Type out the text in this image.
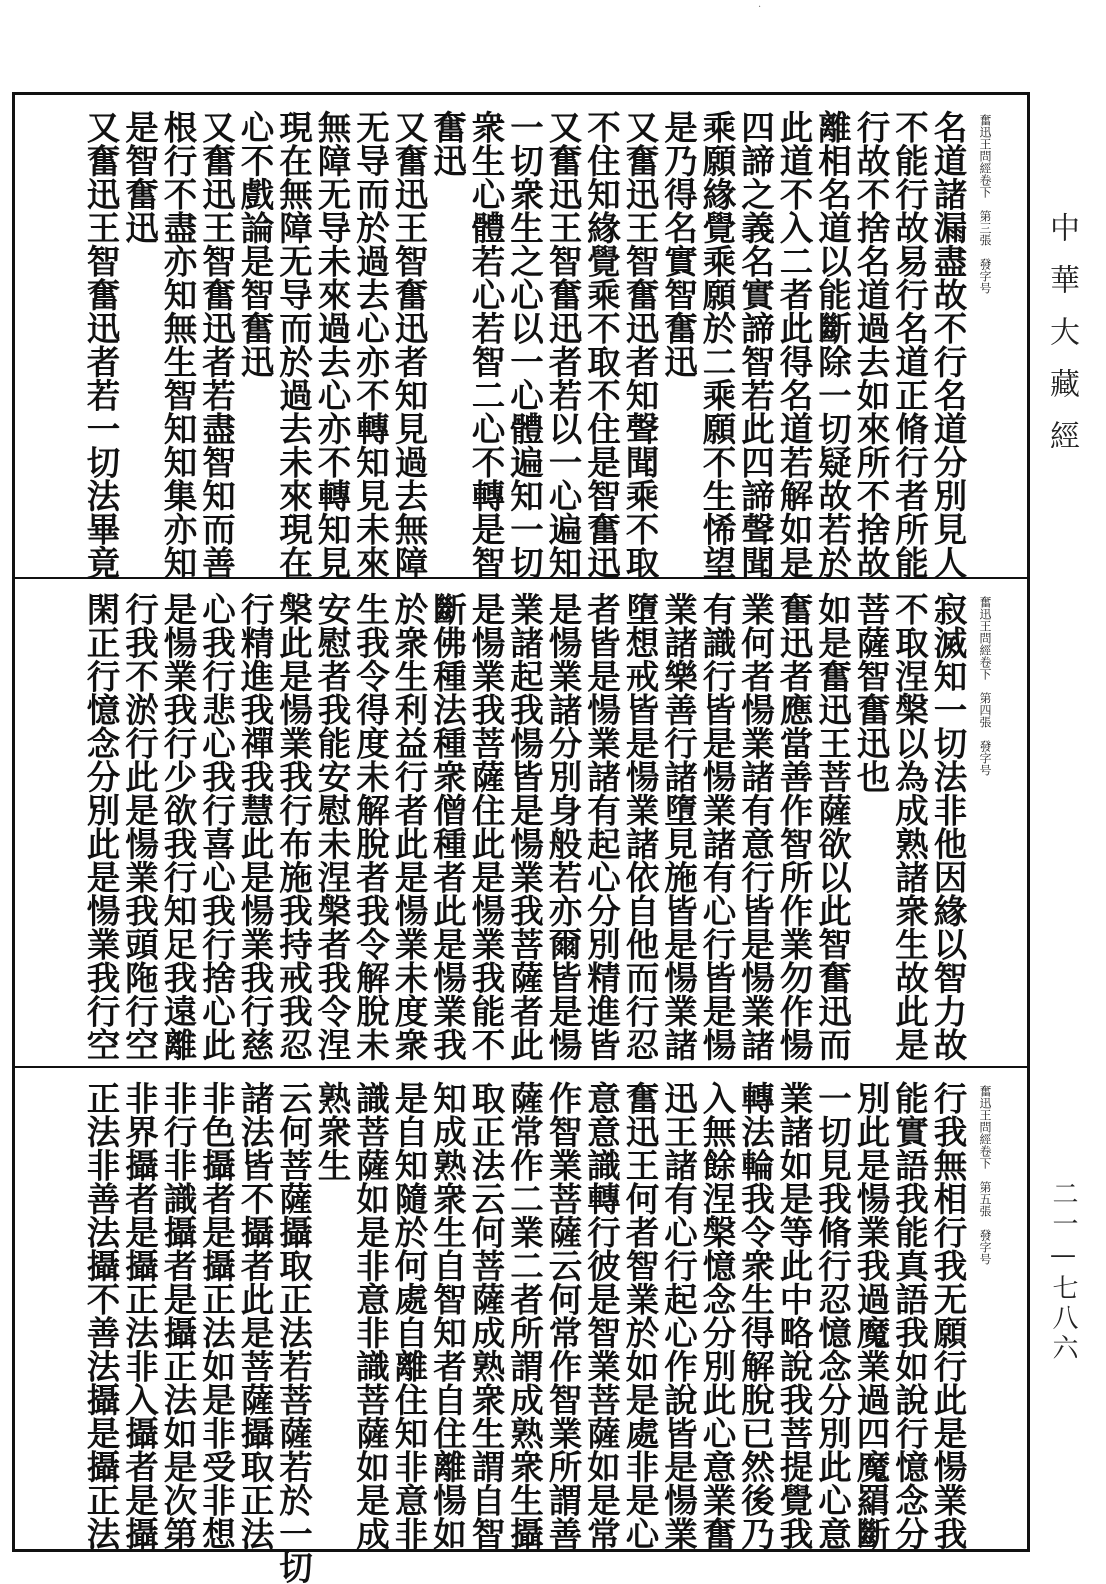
·
中華大藏經
二一—七八六
奮迅王問經卷下　第三張　發字号
名道諸漏盡故不行名道分別見人
不能行故易行名道正脩行者所能
行故不捨名道過去如來所不捨故
離相名道以能斷除一切疑故若於
此道不入二者此得名道若解如是
四諦之義名實諦智若此四諦聲聞
乘願緣覺乘願於二乘願不生悕望
是乃得名實智奮迅
又奮迅王智奮迅者知聲聞乘不取
不住知緣覺乘不取不住是智奮迅
又奮迅王智奮迅者若以一心遍知
一切衆生之心以一心體遍知一切
衆生心體若心若智二心不轉是智
奮迅
又奮迅王智奮迅者知見過去無障
无导而於過去心亦不轉知見未來
無障无导未來過去心亦不轉知見
現在無障无导而於過去未來現在
心不戲論是智奮迅
又奮迅王智奮迅者若盡智知而善
根行不盡亦知無生智知知集亦知
是智奮迅
又奮迅王智奮迅者若一切法畢竟
奮迅王問經卷下　第四張　發字号
寂滅知一切法非他因緣以智力故
不取涅槃以為成熟諸衆生故此是
菩薩智奮迅也
如是奮迅王菩薩欲以此智奮迅而
奮迅者應當善作智所作業勿作愓
業何者愓業諸有意行皆是愓業諸
有識行皆是愓業諸有心行皆是愓
業諸樂善行諸墮見施皆是愓業諸
墮想戒皆是愓業諸依自他而行忍
者皆是愓業諸有起心分別精進皆
是愓業諸分別身般若亦爾皆是愓
業諸起我愓皆是愓業我菩薩者此
是愓業我菩薩住此是愓業我能不
斷佛種法種衆僧種者此是愓業我
於衆生利益行者此是愓業未度衆
生我令得度未解脫者我令解脫未
安慰者我能安慰未涅槃者我令涅
槃此是愓業我行布施我持戒我忍
行精進我禪我慧此是愓業我行慈
心我行悲心我行喜心我行捨心此
是愓業我行少欲我行知足我遠離
行我不淤行此是愓業我頭陁行空
閑正行憶念分別此是愓業我行空
奮迅王問經卷下　第五張　發字号
行我無相行我无願行此是愓業我
能實語我能真語我如說行憶念分
別此是愓業我過魔業過四魔羂斷
一切見我脩行忍憶念分別此心意
業諸如是等此中略說我菩提覺我
轉法輪我令衆生得解脫已然後乃
入無餘涅槃憶念分別此心意業奮
迅王諸有心行起心作說皆是愓業
奮迅王何者智業於如是處非是心
意意識轉行彼是智業菩薩如是常
作智業菩薩云何常作智業所謂善
薩常作二業二者所謂成熟衆生攝
取正法云何菩薩成熟衆生謂自智
知成熟衆生自智知者自住離愓如
是自知隨於何處自離住知非意非
識菩薩如是非意非識菩薩如是成
熟衆生
云何菩薩攝取正法若菩薩若於一切
諸法皆不攝者此是菩薩攝取正法
非色攝者是攝正法如是非受非想
非行非識攝者是攝正法如是次第
非界攝者是攝正法非入攝者是攝
正法非善法攝不善法攝是攝正法
